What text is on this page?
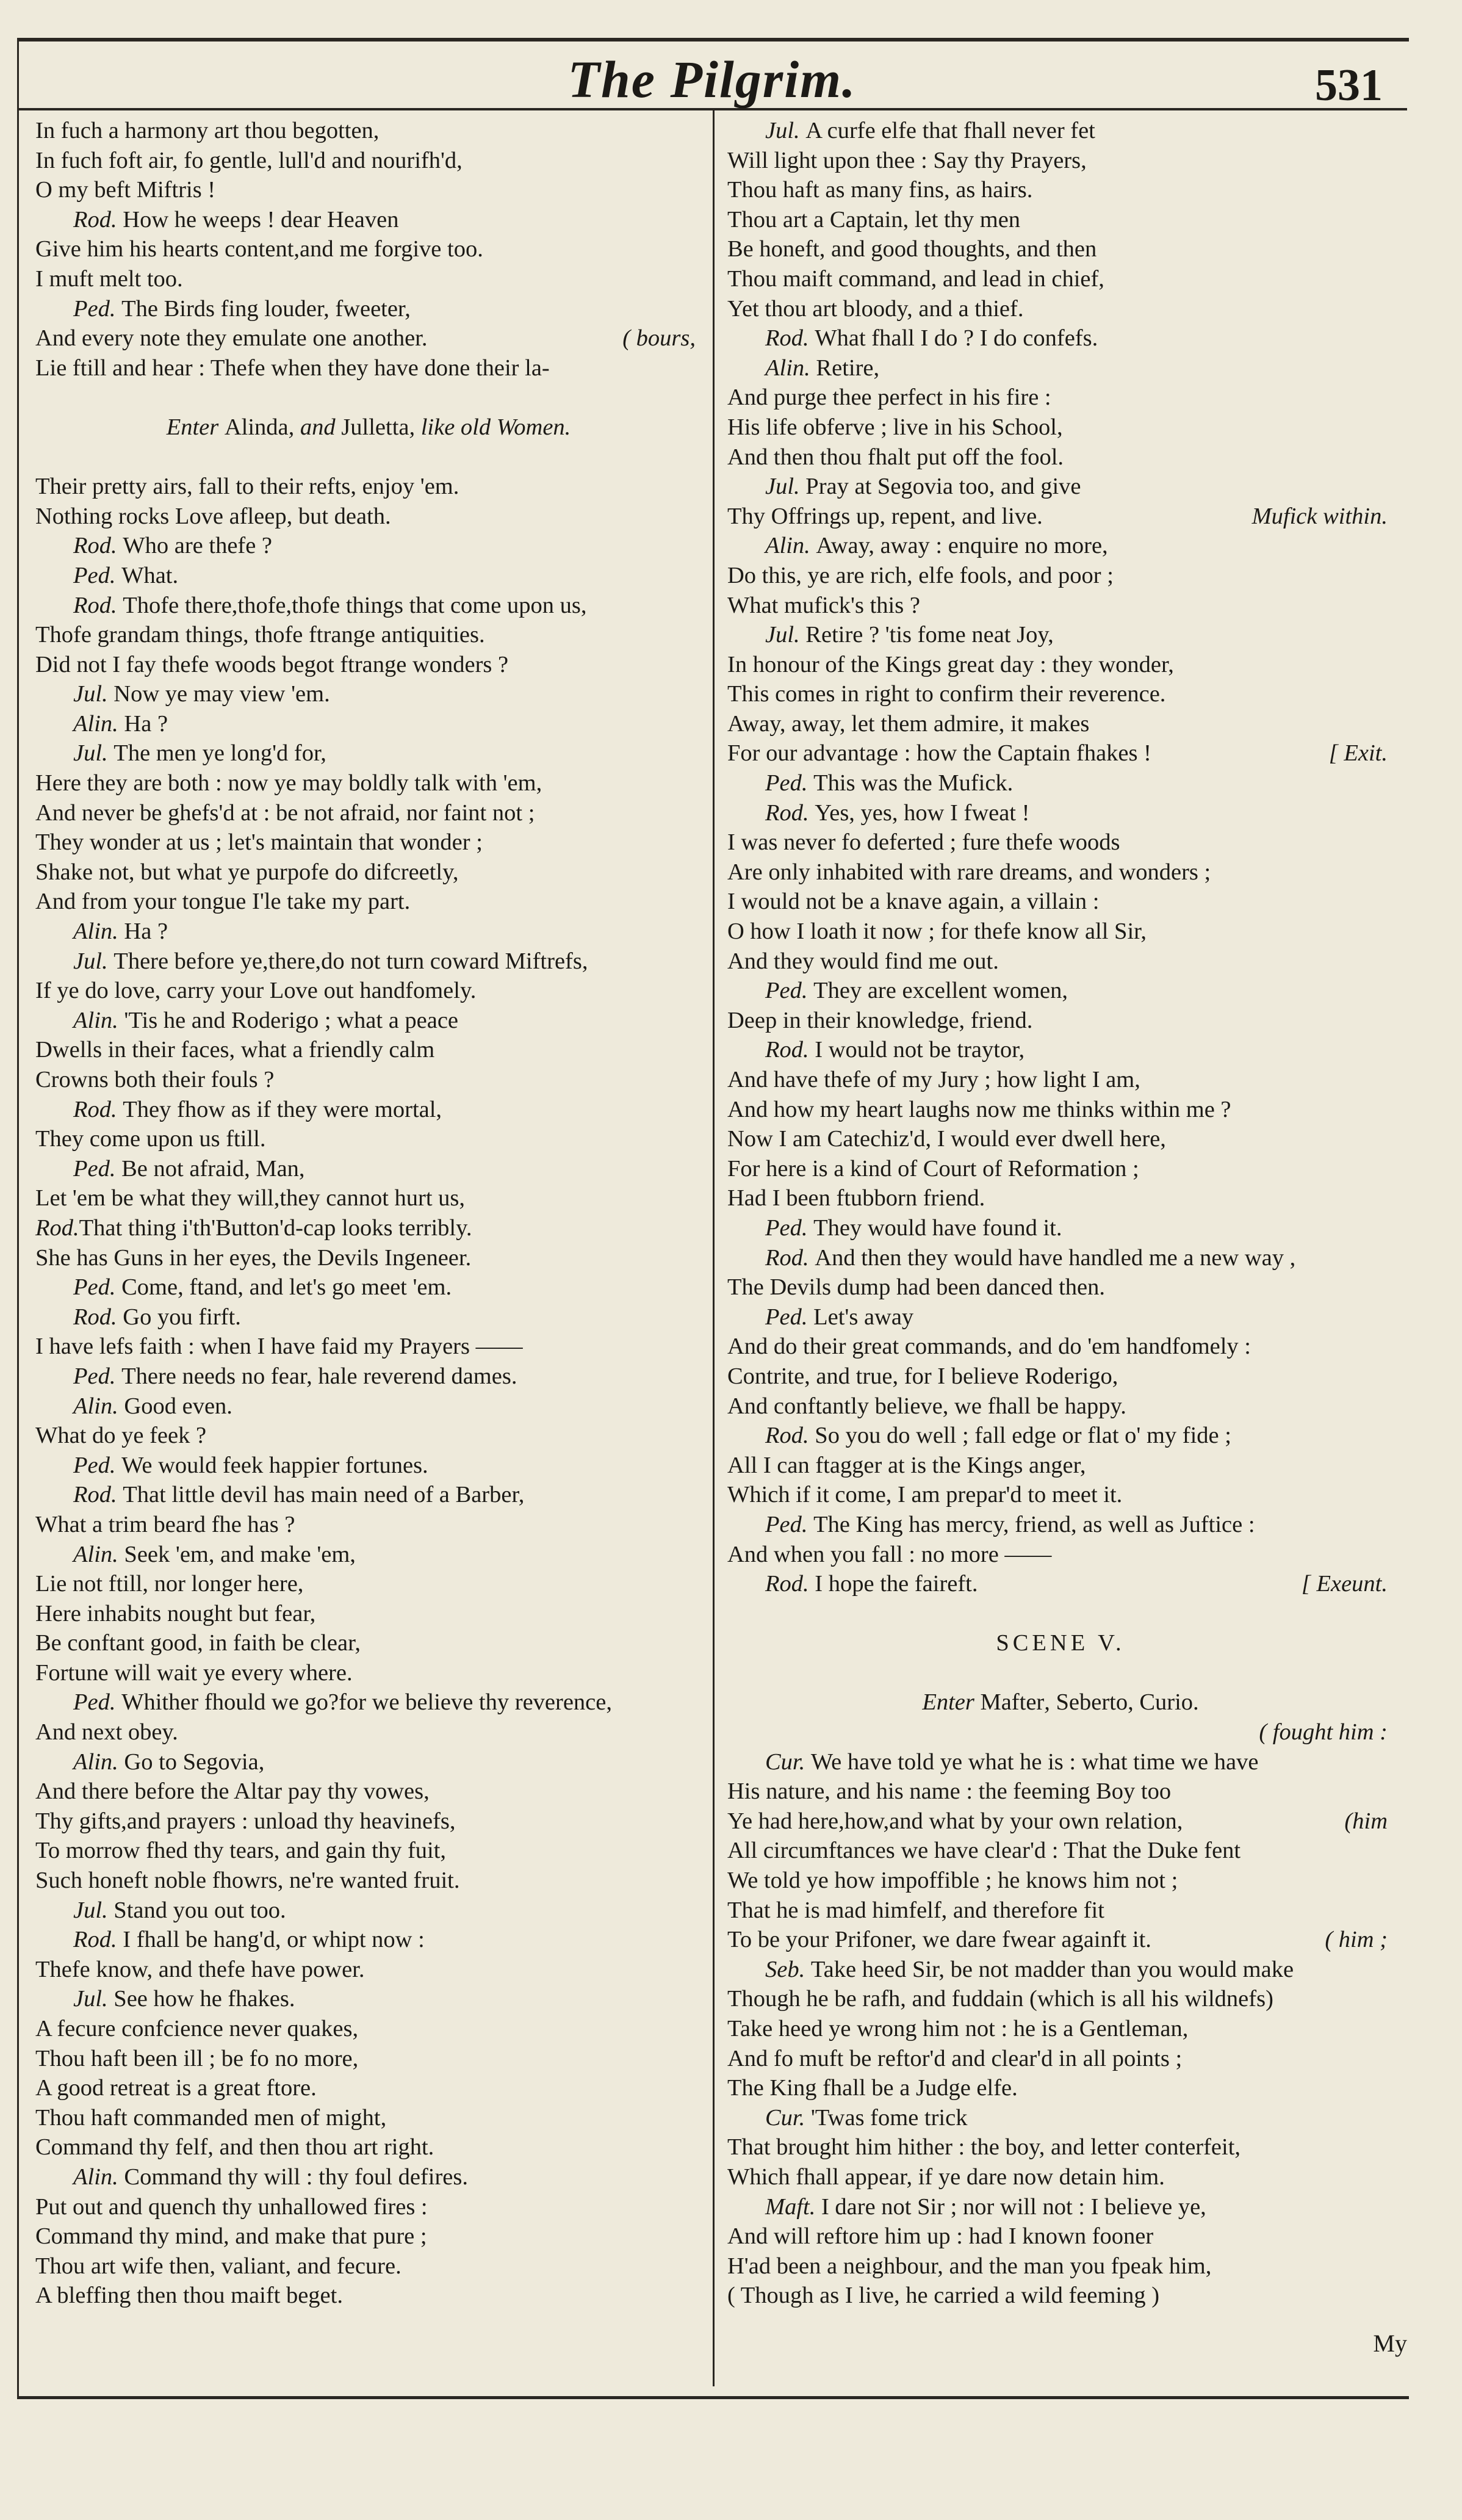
The Pilgrim.	531
In fuch a harmony art thou begotten,
In fuch foft air, fo gentle, lull'd and nourifh'd,
O my beft Miftris !
Rod. How he weeps ! dear Heaven
Give him his hearts content,and me forgive too.
I muft melt too.
Ped. The Birds fing louder, fweeter,
And every note they emulate one another.	( bours,
Lie ftill and hear : Thefe when they have done their la-
Enter Alinda, and Julletta, like old Women.
Their pretty airs, fall to their refts, enjoy 'em.
Nothing rocks Love afleep, but death.
Rod. Who are thefe ?
Ped. What.
Rod. Thofe there,thofe,thofe things that come upon us,
Thofe grandam things, thofe ftrange antiquities.
Did not I fay thefe woods begot ftrange wonders ?
Jul. Now ye may view 'em.
Alin. Ha ?
Jul. The men ye long'd for,
Here they are both : now ye may boldly talk with 'em,
And never be ghefs'd at : be not afraid, nor faint not ;
They wonder at us ; let's maintain that wonder ;
Shake not, but what ye purpofe do difcreetly,
And from your tongue I'le take my part.
Alin. Ha ?
Jul. There before ye,there,do not turn coward Miftrefs,
If ye do love, carry your Love out handfomely.
Alin. 'Tis he and Roderigo ; what a peace
Dwells in their faces, what a friendly calm
Crowns both their fouls ?
Rod. They fhow as if they were mortal,
They come upon us ftill.
Ped. Be not afraid, Man,
Let 'em be what they will,they cannot hurt us,
Rod.That thing i'th'Button'd-cap looks terribly.
She has Guns in her eyes, the Devils Ingeneer.
Ped. Come, ftand, and let's go meet 'em.
Rod. Go you firft.
I have lefs faith : when I have faid my Prayers ——
Ped. There needs no fear, hale reverend dames.
Alin. Good even.
What do ye feek ?
Ped. We would feek happier fortunes.
Rod. That little devil has main need of a Barber,
What a trim beard fhe has ?
Alin. Seek 'em, and make 'em,
Lie not ftill, nor longer here,
Here inhabits nought but fear,
Be conftant good, in faith be clear,
Fortune will wait ye every where.
Ped. Whither fhould we go?for we believe thy reverence,
And next obey.
Alin. Go to Segovia,
And there before the Altar pay thy vowes,
Thy gifts,and prayers : unload thy heavinefs,
To morrow fhed thy tears, and gain thy fuit,
Such honeft noble fhowrs, ne're wanted fruit.
Jul. Stand you out too.
Rod. I fhall be hang'd, or whipt now :
Thefe know, and thefe have power.
Jul. See how he fhakes.
A fecure confcience never quakes,
Thou haft been ill ; be fo no more,
A good retreat is a great ftore.
Thou haft commanded men of might,
Command thy felf, and then thou art right.
Alin. Command thy will : thy foul defires.
Put out and quench thy unhallowed fires :
Command thy mind, and make that pure ;
Thou art wife then, valiant, and fecure.
A bleffing then thou maift beget.
Jul. A curfe elfe that fhall never fet
Will light upon thee : Say thy Prayers,
Thou haft as many fins, as hairs.
Thou art a Captain, let thy men
Be honeft, and good thoughts, and then
Thou maift command, and lead in chief,
Yet thou art bloody, and a thief.
Rod. What fhall I do ? I do confefs.
Alin. Retire,
And purge thee perfect in his fire :
His life obferve ; live in his School,
And then thou fhalt put off the fool.
Jul. Pray at Segovia too, and give
Thy Offrings up, repent, and live.	Mufick within.
Alin. Away, away : enquire no more,
Do this, ye are rich, elfe fools, and poor ;
What mufick's this ?
Jul. Retire ? 'tis fome neat Joy,
In honour of the Kings great day : they wonder,
This comes in right to confirm their reverence.
Away, away, let them admire, it makes
For our advantage : how the Captain fhakes !	[ Exit.
Ped. This was the Mufick.
Rod. Yes, yes, how I fweat !
I was never fo deferted ; fure thefe woods
Are only inhabited with rare dreams, and wonders ;
I would not be a knave again, a villain :
O how I loath it now ; for thefe know all Sir,
And they would find me out.
Ped. They are excellent women,
Deep in their knowledge, friend.
Rod. I would not be traytor,
And have thefe of my Jury ; how light I am,
And how my heart laughs now me thinks within me ?
Now I am Catechiz'd, I would ever dwell here,
For here is a kind of Court of Reformation ;
Had I been ftubborn friend.
Ped. They would have found it.
Rod. And then they would have handled me a new way ,
The Devils dump had been danced then.
Ped. Let's away
And do their great commands, and do 'em handfomely :
Contrite, and true, for I believe Roderigo,
And conftantly believe, we fhall be happy.
Rod. So you do well ; fall edge or flat o' my fide ;
All I can ftagger at is the Kings anger,
Which if it come, I am prepar'd to meet it.
Ped. The King has mercy, friend, as well as Juftice :
And when you fall : no more ——
Rod. I hope the faireft.	[ Exeunt.
SCENE V.
Enter Mafter, Seberto, Curio.
( fought him :
Cur. We have told ye what he is : what time we have
His nature, and his name : the feeming Boy too
Ye had here,how,and what by your own relation,	(him
All circumftances we have clear'd : That the Duke fent
We told ye how impoffible ; he knows him not ;
That he is mad himfelf, and therefore fit
To be your Prifoner, we dare fwear againft it.	( him ;
Seb. Take heed Sir, be not madder than you would make
Though he be rafh, and fuddain (which is all his wildnefs)
Take heed ye wrong him not : he is a Gentleman,
And fo muft be reftor'd and clear'd in all points ;
The King fhall be a Judge elfe.
Cur. 'Twas fome trick
That brought him hither : the boy, and letter conterfeit,
Which fhall appear, if ye dare now detain him.
Maft. I dare not Sir ; nor will not : I believe ye,
And will reftore him up : had I known fooner
H'ad been a neighbour, and the man you fpeak him,
( Though as I live, he carried a wild feeming )
My
